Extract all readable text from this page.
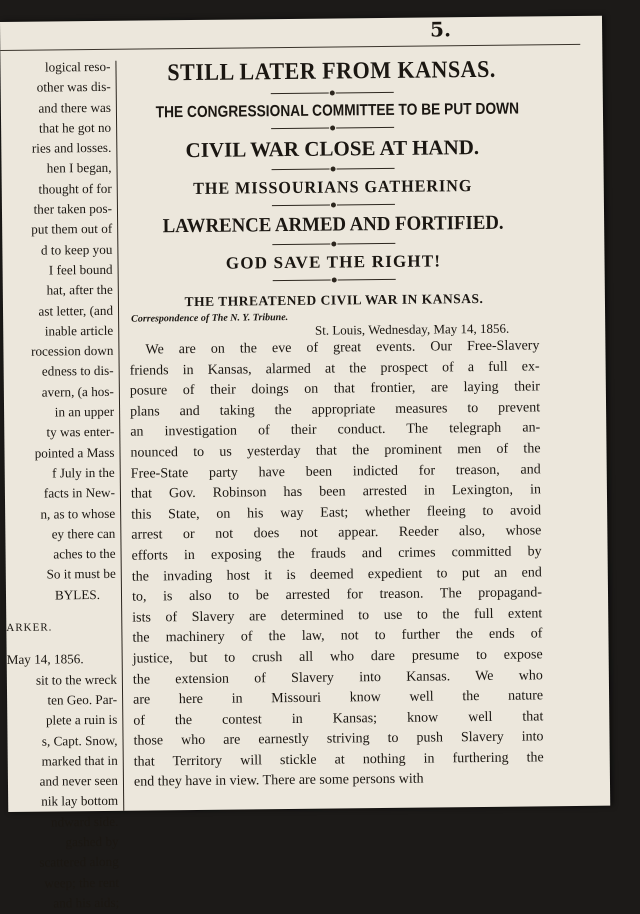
5.
logical reso-
other was dis-
and there was
that he got no
ries and losses.
hen I began,
thought of for
ther taken pos-
put them out of
d to keep you
I feel bound
hat, after the
ast letter, (and
inable article
rocession down
edness to dis-
avern, (a hos-
in an upper
ty was enter-
pointed a Mass
f July in the
facts in New-
n, as to whose
ey there can
aches to the
So it must be
BYLES.
ARKER.
May 14, 1856.
sit to the wreck
ten Geo. Par-
plete a ruin is
s, Capt. Snow,
marked that in
and never seen
nik lay bottom
ndward side.
gashed by
scattered along
weep; the rent
and his aids;
STILL LATER FROM KANSAS.
THE CONGRESSIONAL COMMITTEE TO BE PUT DOWN
CIVIL WAR CLOSE AT HAND.
THE MISSOURIANS GATHERING
LAWRENCE ARMED AND FORTIFIED.
GOD SAVE THE RIGHT!
THE THREATENED CIVIL WAR IN KANSAS.
Correspondence of The N. Y. Tribune.
St. Louis, Wednesday, May 14, 1856.
We are on the eve of great events. Our Free-Slavery
friends in Kansas, alarmed at the prospect of a full ex-
posure of their doings on that frontier, are laying their
plans and taking the appropriate measures to prevent
an investigation of their conduct. The telegraph an-
nounced to us yesterday that the prominent men of the
Free-State party have been indicted for treason, and
that Gov. Robinson has been arrested in Lexington, in
this State, on his way East; whether fleeing to avoid
arrest or not does not appear. Reeder also, whose
efforts in exposing the frauds and crimes committed by
the invading host it is deemed expedient to put an end
to, is also to be arrested for treason. The propagand-
ists of Slavery are determined to use to the full extent
the machinery of the law, not to further the ends of
justice, but to crush all who dare presume to expose
the extension of Slavery into Kansas. We who
are here in Missouri know well the nature
of the contest in Kansas; know well that
those who are earnestly striving to push Slavery into
that Territory will stickle at nothing in furthering the
end they have in view. There are some persons with
